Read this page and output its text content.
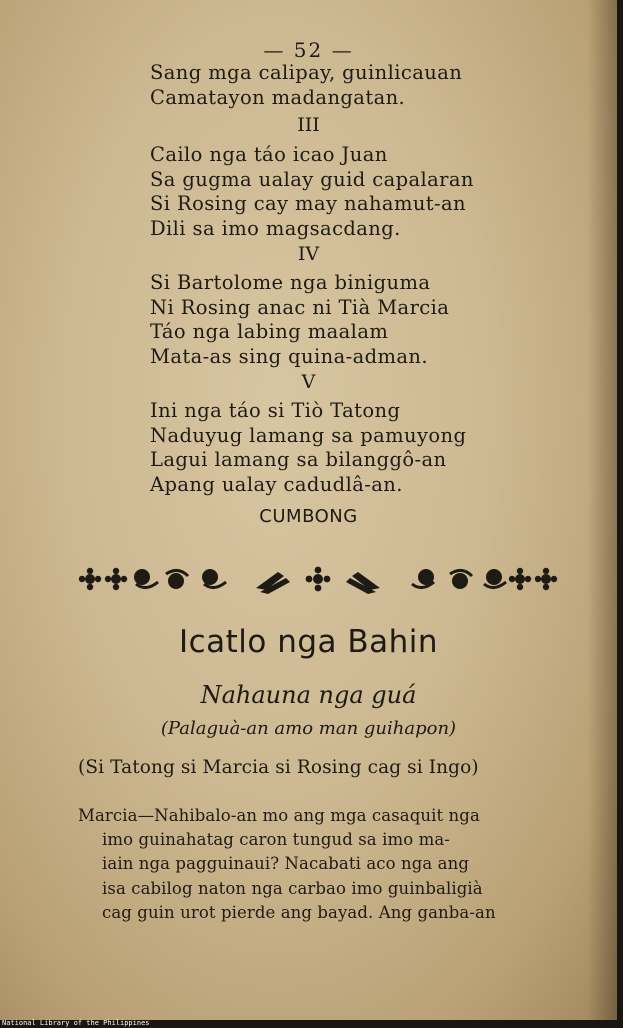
— 52 —
Sang mga calipay, guinlicauan
Camatayon madangatan.
III
Cailo nga táo icao Juan
Sa gugma ualay guid capalaran
Si Rosing cay may nahamut-an
Dili sa imo magsacdang.
IV
Si Bartolome nga biniguma
Ni Rosing anac ni Tià Marcia
Táo nga labing maalam
Mata-as sing quina-adman.
V
Ini nga táo si Tiò Tatong
Naduyug lamang sa pamuyong
Lagui lamang sa bilanggô-an
Apang ualay cadudlâ-an.
CUMBONG
Icatlo nga Bahin
Nahauna nga guá
(Palaguà-an amo man guihapon)
(Si Tatong si Marcia si Rosing cag si Ingo)
Marcia—Nahibalo-an mo ang mga casaquit nga
imo guinahatag caron tungud sa imo ma-
iain nga pagguinaui? Nacabati aco nga ang
isa cabilog naton nga carbao imo guinbaligià
cag guin urot pierde ang bayad. Ang ganba-an
National Library of the Philippines
